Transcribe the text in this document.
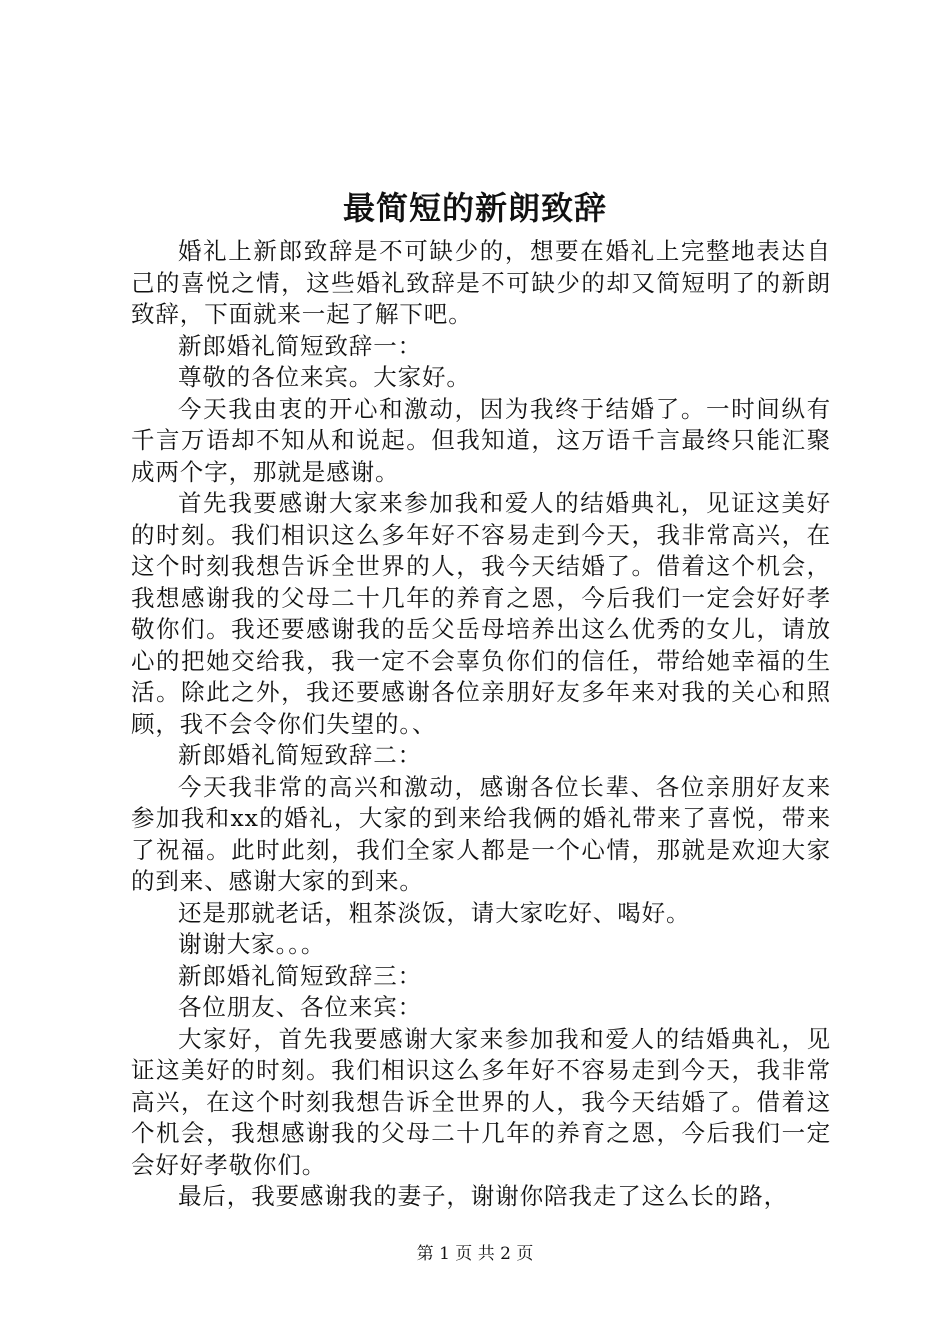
最简短的新朗致辞

婚礼上新郎致辞是不可缺少的，想要在婚礼上完整地表达自己的喜悦之情，这些婚礼致辞是不可缺少的却又简短明了的新朗致辞，下面就来一起了解下吧。

新郎婚礼简短致辞一：

尊敬的各位来宾。大家好。

今天我由衷的开心和激动，因为我终于结婚了。一时间纵有千言万语却不知从和说起。但我知道，这万语千言最终只能汇聚成两个字，那就是感谢。

首先我要感谢大家来参加我和爱人的结婚典礼，见证这美好的时刻。我们相识这么多年好不容易走到今天，我非常高兴，在这个时刻我想告诉全世界的人，我今天结婚了。借着这个机会，我想感谢我的父母二十几年的养育之恩，今后我们一定会好好孝敬你们。我还要感谢我的岳父岳母培养出这么优秀的女儿，请放心的把她交给我，我一定不会辜负你们的信任，带给她幸福的生活。除此之外，我还要感谢各位亲朋好友多年来对我的关心和照顾，我不会令你们失望的。、

新郎婚礼简短致辞二：

今天我非常的高兴和激动，感谢各位长辈、各位亲朋好友来参加我和xx的婚礼，大家的到来给我俩的婚礼带来了喜悦，带来了祝福。此时此刻，我们全家人都是一个心情，那就是欢迎大家的到来、感谢大家的到来。

还是那就老话，粗茶淡饭，请大家吃好、喝好。

谢谢大家。。。

新郎婚礼简短致辞三：

各位朋友、各位来宾：

大家好，首先我要感谢大家来参加我和爱人的结婚典礼，见证这美好的时刻。我们相识这么多年好不容易走到今天，我非常高兴，在这个时刻我想告诉全世界的人，我今天结婚了。借着这个机会，我想感谢我的父母二十几年的养育之恩，今后我们一定会好好孝敬你们。

最后，我要感谢我的妻子，谢谢你陪我走了这么长的路，

第 1 页 共 2 页
